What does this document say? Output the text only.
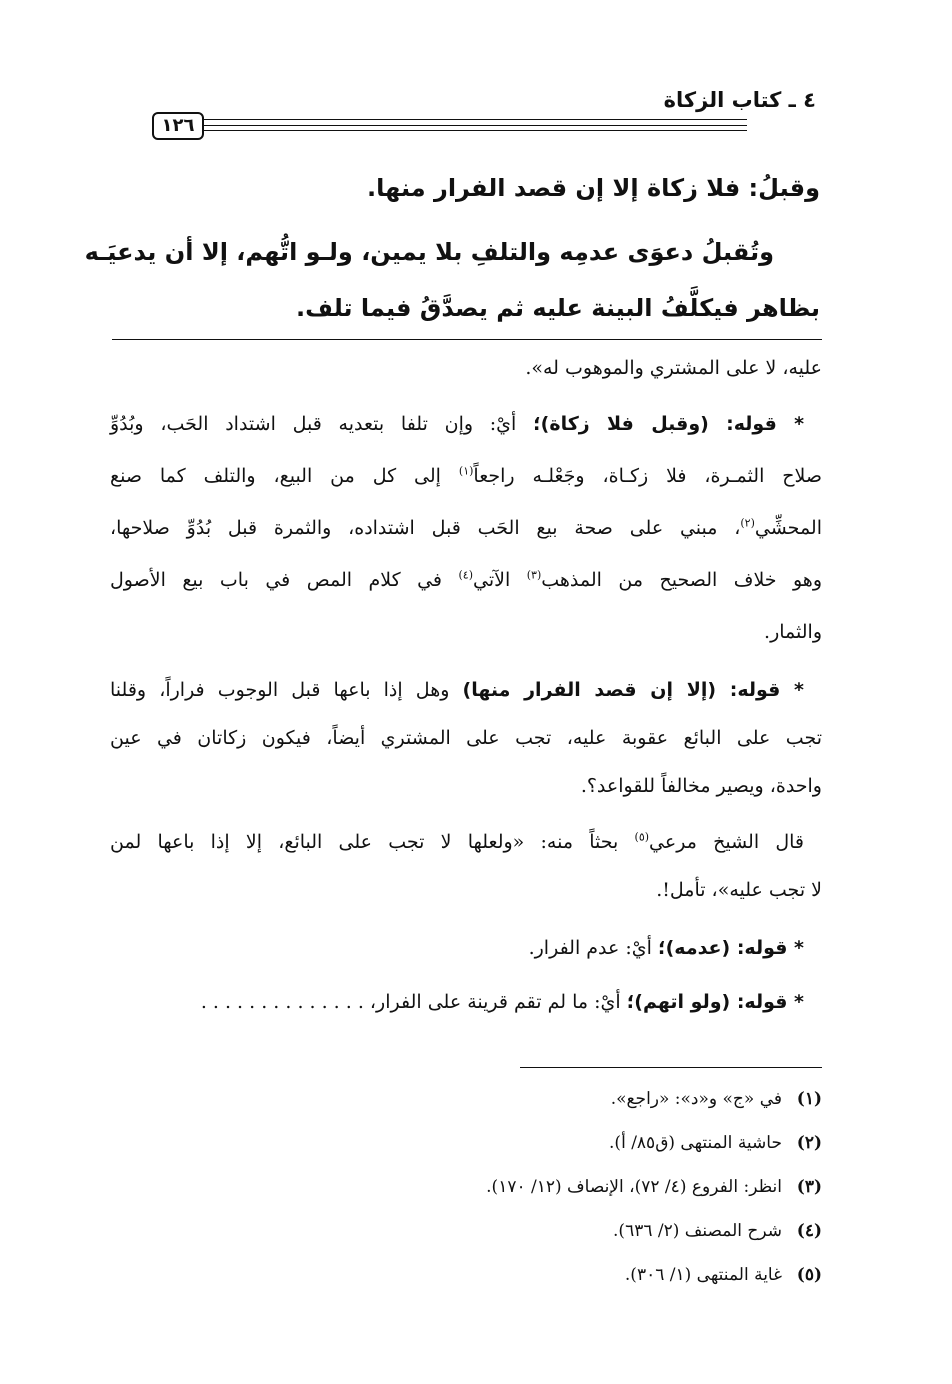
٤ ـ كتاب الزكاة
١٢٦
وقبلُ: فلا زكاة إلا إن قصد الفرار منها.
وتُقبلُ دعوَى عدمِه والتلفِ بلا يمين، ولـو اتُّهم، إلا أن يدعيَـه
بظاهر فيكلَّفُ البينة عليه ثم يصدَّقُ فيما تلف.
عليه، لا على المشتري والموهوب له».
* قوله: (وقبل فلا زكاة)؛ أيْ: وإن تلفا بتعديه قبل اشتداد الحَب، وبُدُوِّ
صلاح الثمـرة، فلا زكـاة، وجَعْلـه راجعاً$^{(١)}$ إلى كل من البيع، والتلف كما صنع
المحشِّي$^{(٢)}$، مبني على صحة بيع الحَب قبل اشتداده، والثمرة قبل بُدُوِّ صلاحها،
وهو خلاف الصحيح من المذهب$^{(٣)}$ الآتي$^{(٤)}$ في كلام المص في باب بيع الأصول
والثمار.
* قوله: (إلا إن قصد الفرار منها) وهل إذا باعها قبل الوجوب فراراً، وقلنا
تجب على البائع عقوبة عليه، تجب على المشتري أيضاً، فيكون زكاتان في عين
واحدة، ويصير مخالفاً للقواعد؟.
قال الشيخ مرعي$^{(٥)}$ بحثاً منه: «ولعلها لا تجب على البائع، إلا إذا باعها لمن
لا تجب عليه»، تأمل!.
* قوله: (عدمه)؛ أيْ: عدم الفرار.
* قوله: (ولو اتهم)؛ أيْ: ما لم تقم قرينة على الفرار، . . . . . . . . . . . . . .
(١)في «ج» و«د»: «راجع».
(٢)حاشية المنتهى (ق٨٥/ أ).
(٣)انظر: الفروع (٤/ ٧٢)، الإنصاف (١٢/ ١٧٠).
(٤)شرح المصنف (٢/ ٦٣٦).
(٥)غاية المنتهى (١/ ٣٠٦).
